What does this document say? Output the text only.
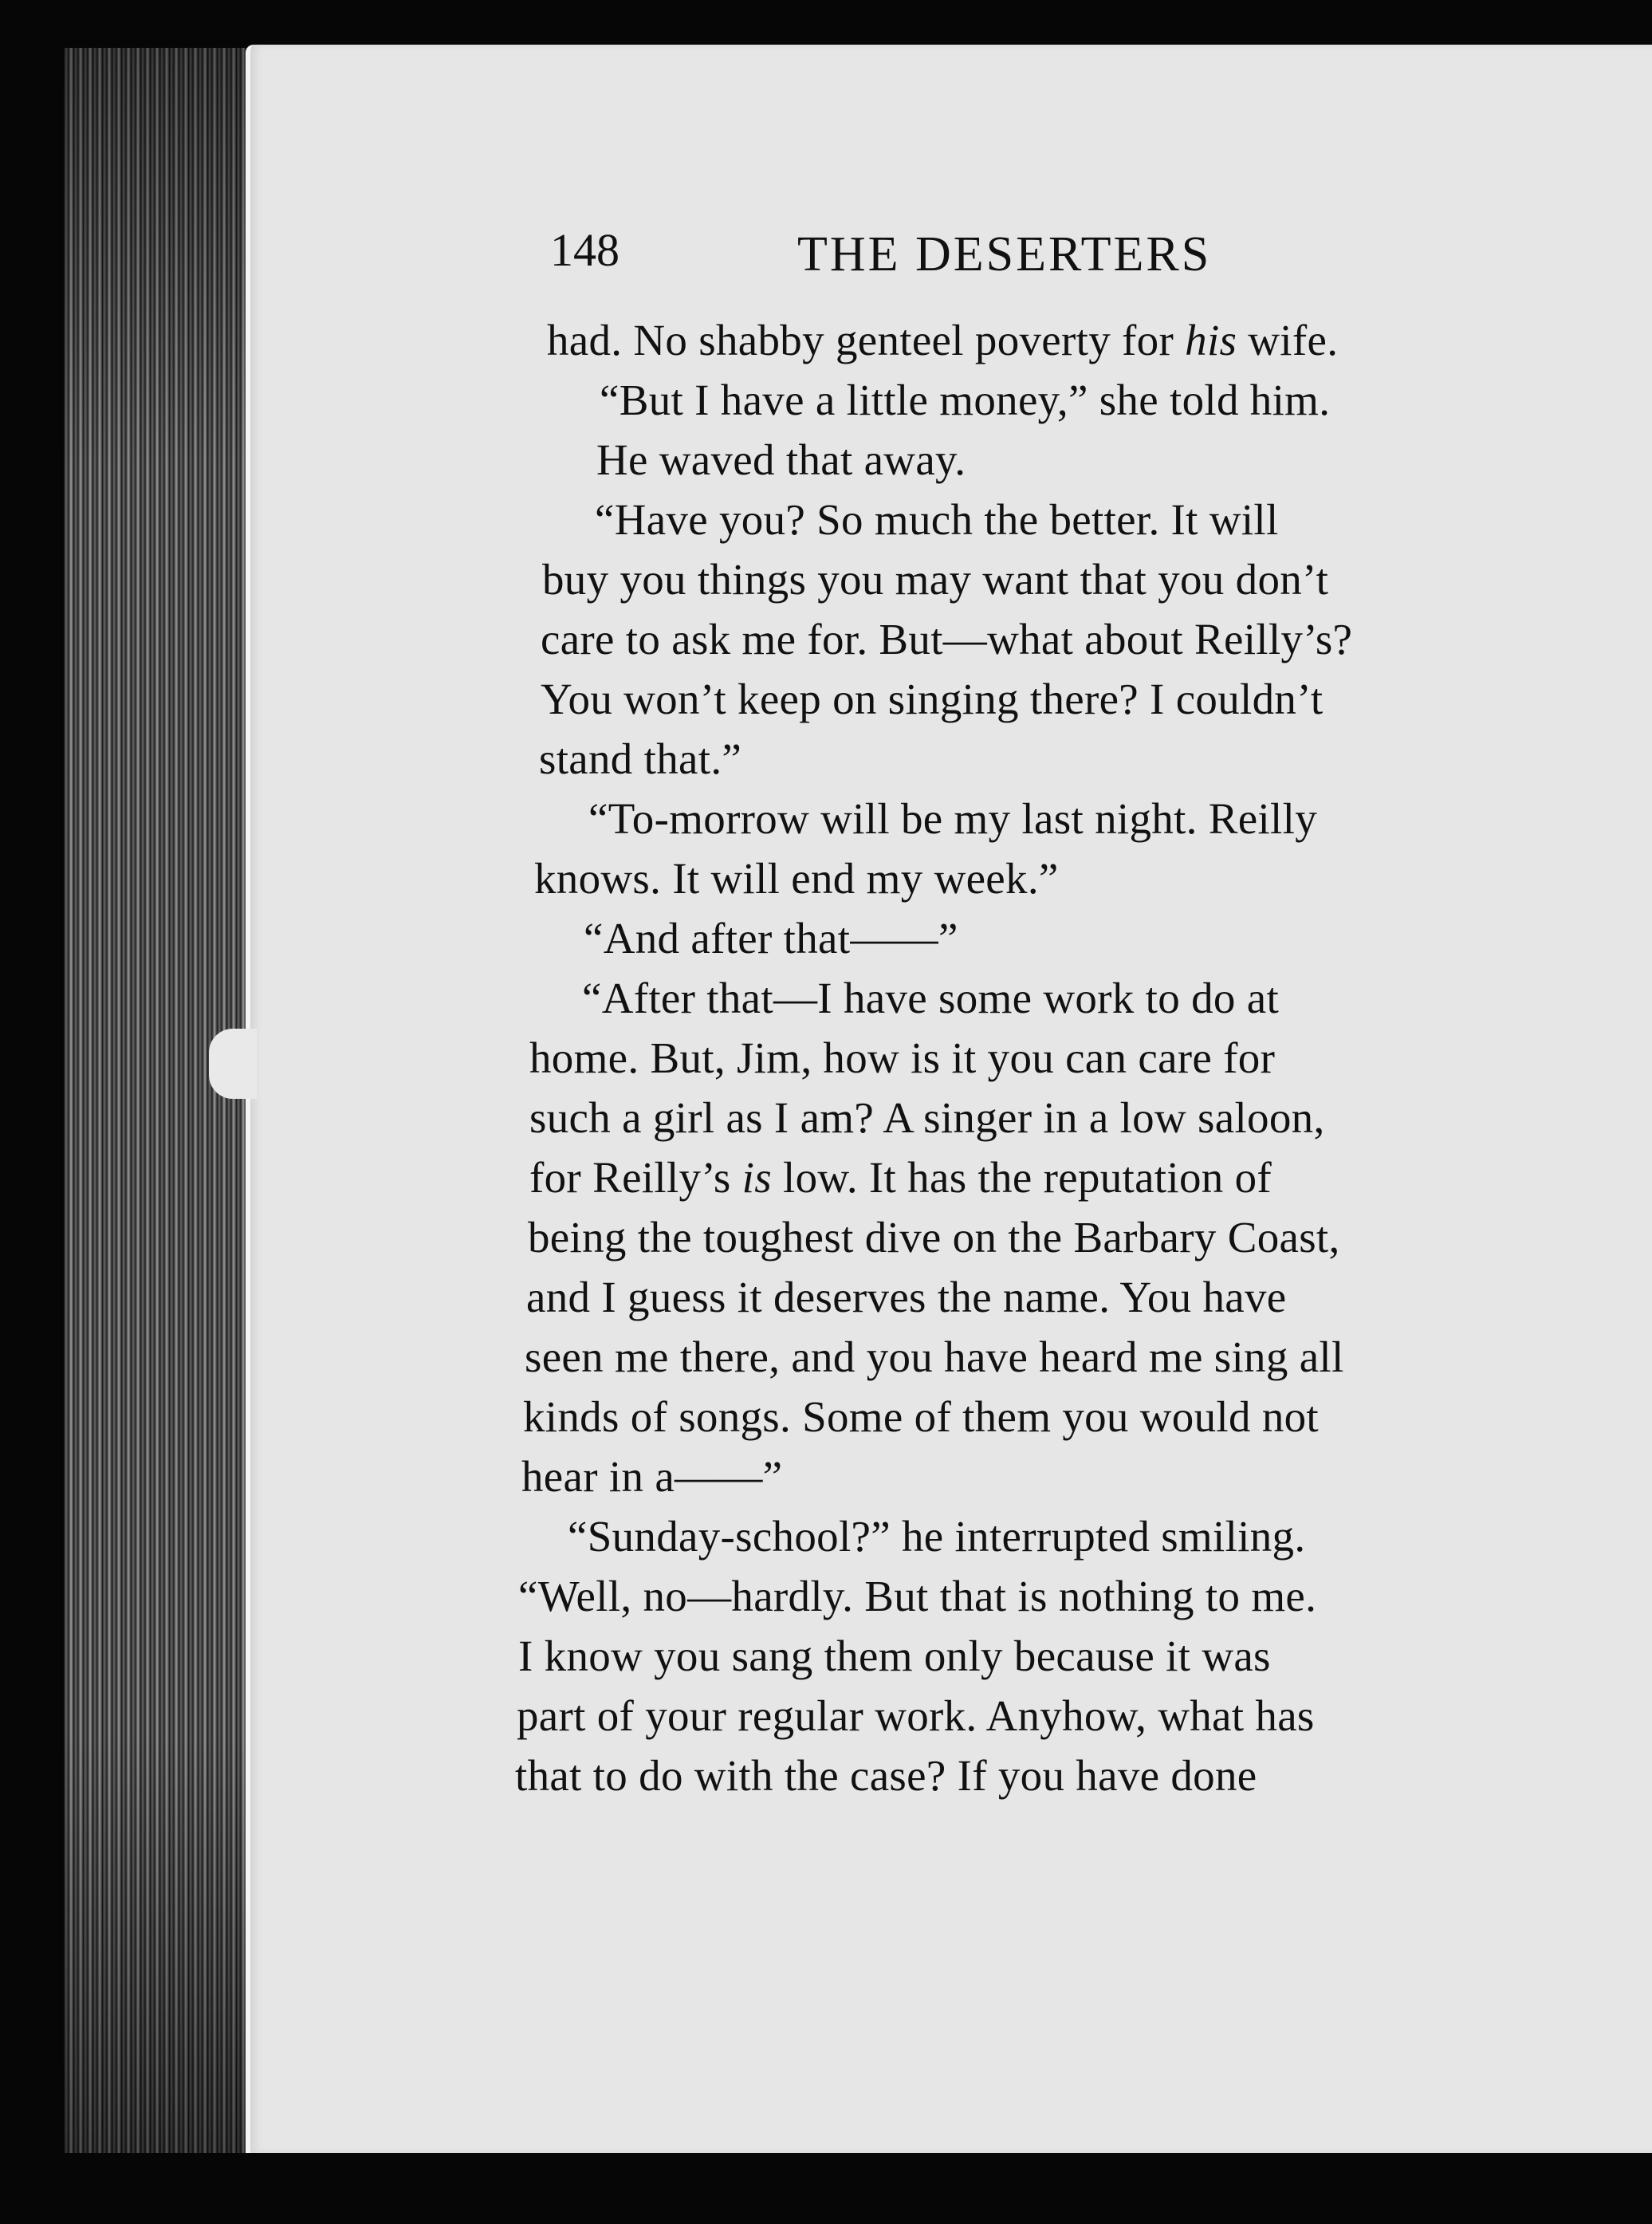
148	THE DESERTERS
had. No shabby genteel poverty for his wife.
“But I have a little money,” she told him.
He waved that away.
“Have you? So much the better. It will
buy you things you may want that you don’t
care to ask me for. But—what about Reilly’s?
You won’t keep on singing there? I couldn’t
stand that.”
“To-morrow will be my last night. Reilly
knows. It will end my week.”
“And after that——”
“After that—I have some work to do at
home. But, Jim, how is it you can care for
such a girl as I am? A singer in a low saloon,
for Reilly’s is low. It has the reputation of
being the toughest dive on the Barbary Coast,
and I guess it deserves the name. You have
seen me there, and you have heard me sing all
kinds of songs. Some of them you would not
hear in a——”
“Sunday-school?” he interrupted smiling.
“Well, no—hardly. But that is nothing to me.
I know you sang them only because it was
part of your regular work. Anyhow, what has
that to do with the case? If you have done
